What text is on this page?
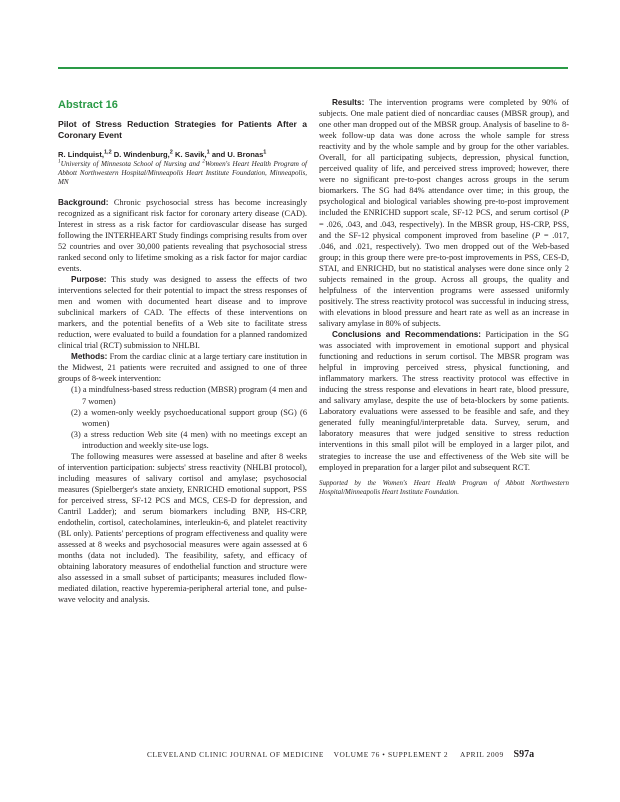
Abstract 16
Pilot of Stress Reduction Strategies for Patients After a Coronary Event

R. Lindquist,$^{1,2}$ D. Windenburg,$^2$ K. Savik,$^1$ and U. Bronas$^1$

$^1$University of Minnesota School of Nursing and $^2$Women's Heart Health Program of Abbott Northwestern Hospital/Minneapolis Heart Institute Foundation, Minneapolis, MN

Background: Chronic psychosocial stress has become increasingly recognized as a significant risk factor for coronary artery disease (CAD). Interest in stress as a risk factor for cardiovascular disease has surged following the INTERHEART Study findings comprising results from over 52 countries and over 30,000 patients revealing that psychosocial stress ranked second only to lifetime smoking as a risk factor for major cardiac events.

Purpose: This study was designed to assess the effects of two interventions selected for their potential to impact the stress responses of men and women with documented heart disease and to improve subclinical markers of CAD. The effects of these interventions on markers, and the potential benefits of a Web site to facilitate stress reduction, were evaluated to build a foundation for a planned randomized clinical trial (RCT) submission to NHLBI.

Methods: From the cardiac clinic at a large tertiary care institution in the Midwest, 21 patients were recruited and assigned to one of three groups of 8-week intervention:

(1) a mindfulness-based stress reduction (MBSR) program (4 men and 7 women)
(2) a women-only weekly psychoeducational support group (SG) (6 women)
(3) a stress reduction Web site (4 men) with no meetings except an introduction and weekly site-use logs.

The following measures were assessed at baseline and after 8 weeks of intervention participation: subjects' stress reactivity (NHLBI protocol), including measures of salivary cortisol and amylase; psychosocial measures (Spielberger's state anxiety, ENRICHD emotional support, PSS for perceived stress, SF-12 PCS and MCS, CES-D for depression, and Cantril Ladder); and serum biomarkers including BNP, HS-CRP, endothelin, cortisol, catecholamines, interleukin-6, and platelet reactivity (BL only). Patients' perceptions of program effectiveness and quality were assessed at 8 weeks and psychosocial measures were again assessed at 6 months (data not included). The feasibility, safety, and efficacy of obtaining laboratory measures of endothelial function and structure were also assessed in a small subset of participants; measures included flow-mediated dilation, reactive hyperemia-peripheral arterial tone, and pulse-wave velocity and analysis.

Results: The intervention programs were completed by 90% of subjects. One male patient died of noncardiac causes (MBSR group), and one other man dropped out of the MBSR group. Analysis of baseline to 8-week follow-up data was done across the whole sample for stress reactivity and by the whole sample and by group for the other variables. Overall, for all participating subjects, depression, physical function, perceived quality of life, and perceived stress improved; however, there were no significant pre-to-post changes across groups in the serum biomarkers. The SG had 84% attendance over time; in this group, the psychological and biological variables showing pre-to-post improvement included the ENRICHD support scale, SF-12 PCS, and serum cortisol (P = .026, .043, and .043, respectively). In the MBSR group, HS-CRP, PSS, and the SF-12 physical component improved from baseline (P = .017, .046, and .021, respectively). Two men dropped out of the Web-based group; in this group there were pre-to-post improvements in PSS, CES-D, STAI, and ENRICHD, but no statistical analyses were done since only 2 subjects remained in the group. Across all groups, the quality and helpfulness of the intervention programs were assessed uniformly positively. The stress reactivity protocol was successful in inducing stress, with elevations in blood pressure and heart rate as well as an increase in salivary amylase in 80% of subjects.

Conclusions and Recommendations: Participation in the SG was associated with improvement in emotional support and physical functioning and reductions in serum cortisol. The MBSR program was helpful in improving perceived stress, physical functioning, and inflammatory markers. The stress reactivity protocol was effective in inducing the stress response and elevations in heart rate, blood pressure, and salivary amylase, despite the use of beta-blockers by some patients. Laboratory evaluations were assessed to be feasible and safe, and they generated fully meaningful/interpretable data. Survey, serum, and laboratory measures that were judged sensitive to stress reduction interventions in this small pilot will be employed in a larger pilot, and strategies to increase the use and effectiveness of the Web site will be employed in preparation for a larger pilot and subsequent RCT.

Supported by the Women's Heart Health Program of Abbott Northwestern Hospital/Minneapolis Heart Institute Foundation.

CLEVELAND CLINIC JOURNAL OF MEDICINE VOLUME 76 • SUPPLEMENT 2 APRIL 2009 S97a
